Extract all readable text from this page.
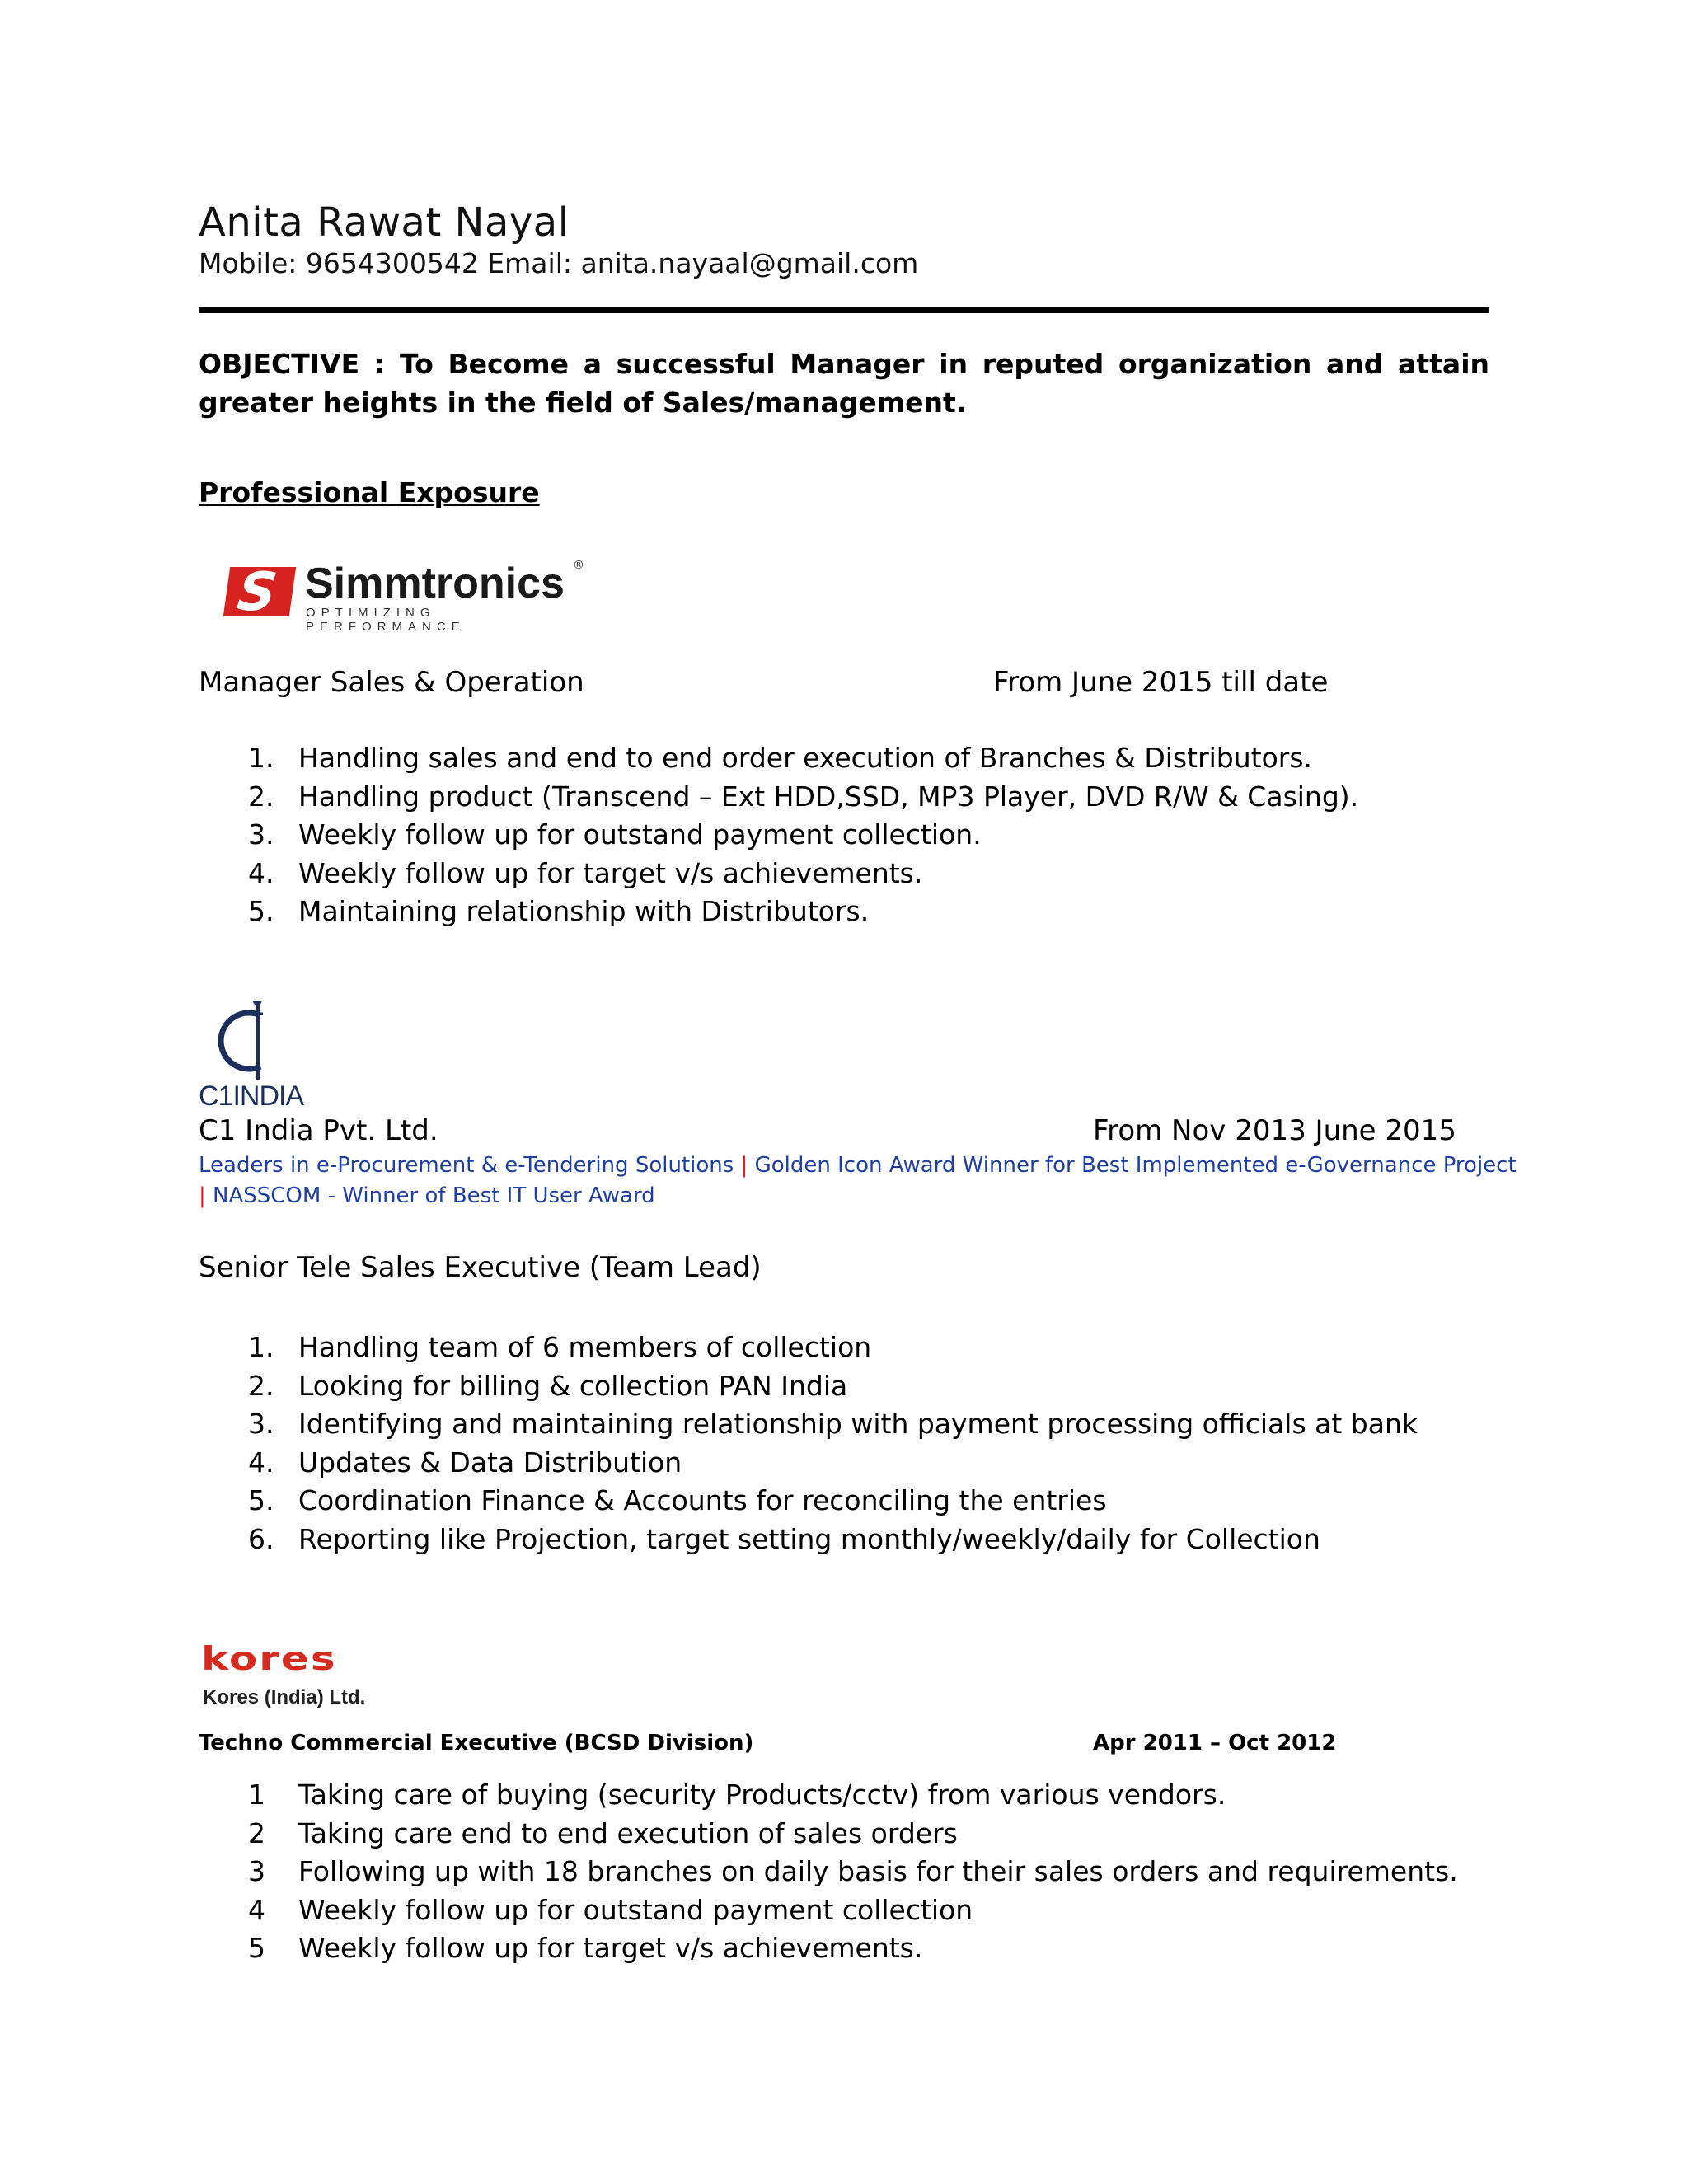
Anita Rawat Nayal
Mobile: 9654300542 Email: anita.nayaal@gmail.com
OBJECTIVE : To Become a successful Manager in reputed organization and attain greater heights in the field of Sales/management.
Professional Exposure
S Simmtronics ®
OPTIMIZING PERFORMANCE
Manager Sales & Operation	From June 2015 till date
1. Handling sales and end to end order execution of Branches & Distributors.
2. Handling product (Transcend – Ext HDD,SSD, MP3 Player, DVD R/W & Casing).
3. Weekly follow up for outstand payment collection.
4. Weekly follow up for target v/s achievements.
5. Maintaining relationship with Distributors.
C1INDIA
C1 India Pvt. Ltd.	From Nov 2013 June 2015
Leaders in e-Procurement & e-Tendering Solutions | Golden Icon Award Winner for Best Implemented e-Governance Project
| NASSCOM - Winner of Best IT User Award
Senior Tele Sales Executive (Team Lead)
1. Handling team of 6 members of collection
2. Looking for billing & collection PAN India
3. Identifying and maintaining relationship with payment processing officials at bank
4. Updates & Data Distribution
5. Coordination Finance & Accounts for reconciling the entries
6. Reporting like Projection, target setting monthly/weekly/daily for Collection
kores
Kores (India) Ltd.
Techno Commercial Executive (BCSD Division)	Apr 2011 – Oct 2012
1 Taking care of buying (security Products/cctv) from various vendors.
2 Taking care end to end execution of sales orders
3 Following up with 18 branches on daily basis for their sales orders and requirements.
4 Weekly follow up for outstand payment collection
5 Weekly follow up for target v/s achievements.
